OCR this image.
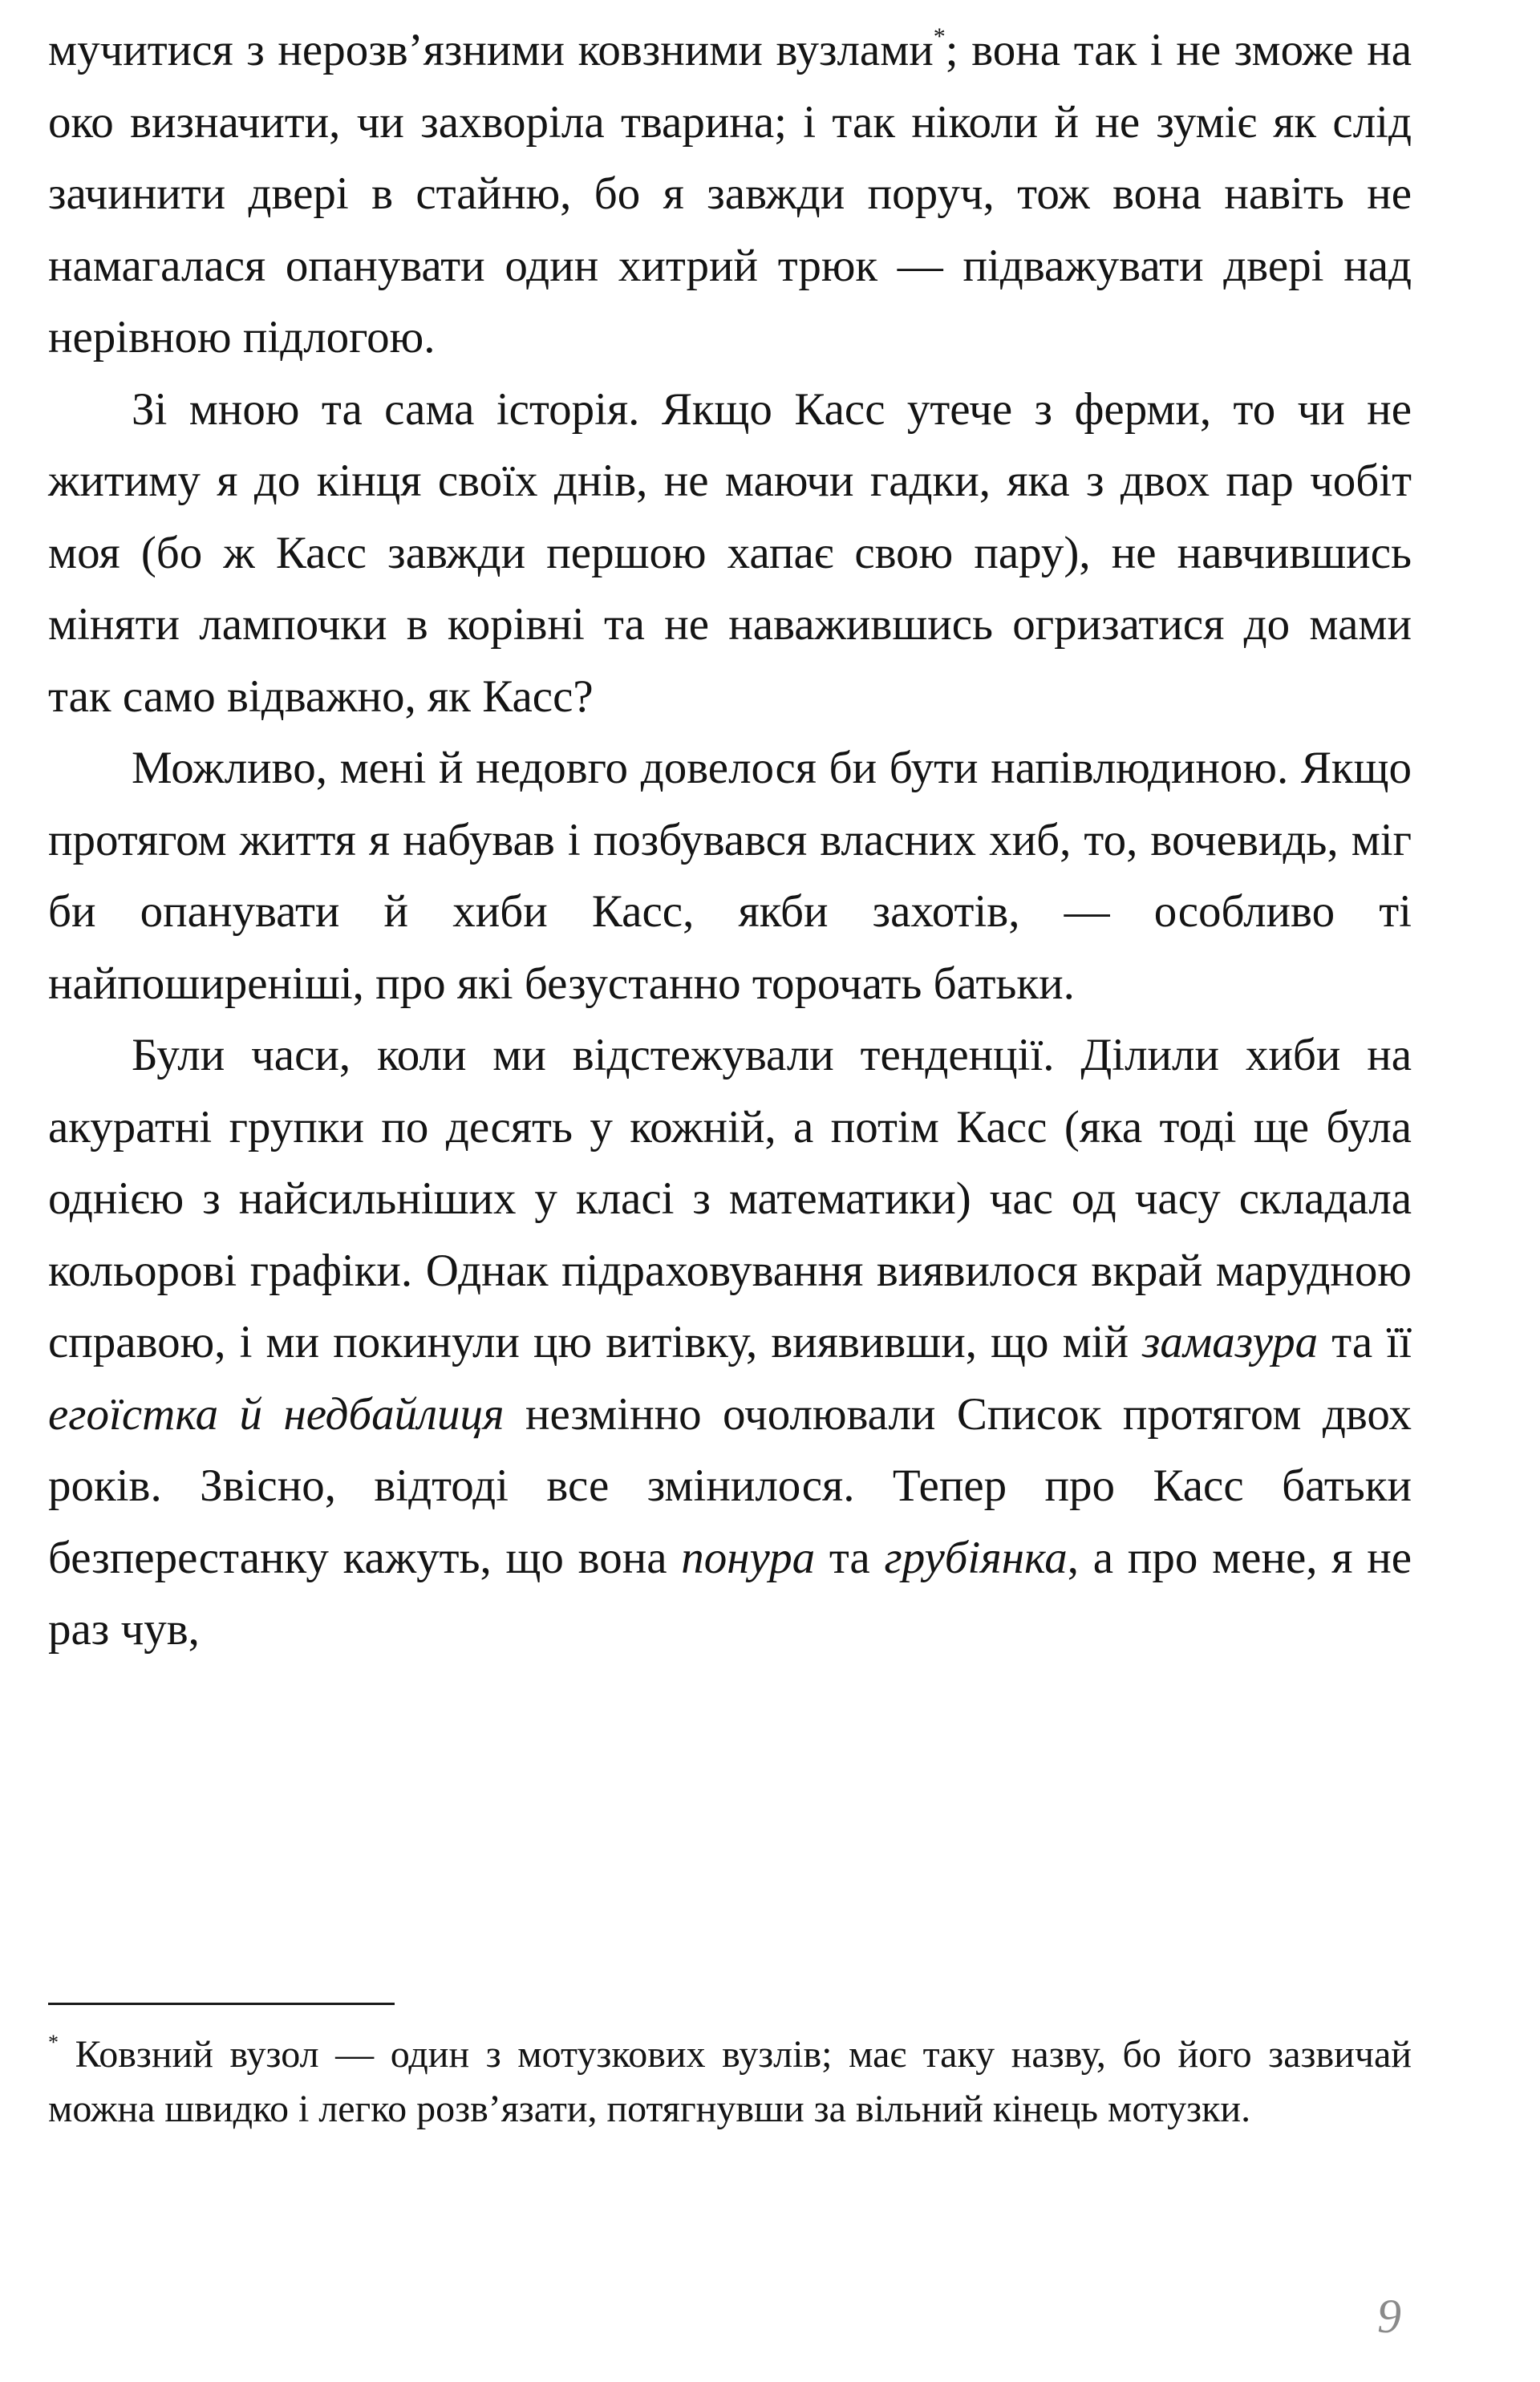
мучитися з нерозв’язними ковзними вузлами*; вона так і не зможе на око визначити, чи захворіла тварина; і так ніколи й не зуміє як слід зачинити двері в стайню, бо я завжди поруч, тож вона навіть не намагалася опанувати один хитрий трюк — підважувати двері над нерівною підлогою.

Зі мною та сама історія. Якщо Касс утече з ферми, то чи не житиму я до кінця своїх днів, не маючи гадки, яка з двох пар чобіт моя (бо ж Касс завжди першою хапає свою пару), не навчившись міняти лампочки в корівні та не наважившись огризатися до мами так само відважно, як Касс?

Можливо, мені й недовго довелося би бути напівлюдиною. Якщо протягом життя я набував і позбувався власних хиб, то, вочевидь, міг би опанувати й хиби Касс, якби захотів, — особливо ті найпоширеніші, про які безустанно торочать батьки.

Були часи, коли ми відстежували тенденції. Ділили хиби на акуратні групки по десять у кожній, а потім Касс (яка тоді ще була однією з найсильніших у класі з математики) час од часу складала кольорові графіки. Однак підраховування виявилося вкрай марудною справою, і ми покинули цю витівку, виявивши, що мій замазура та її егоїстка й недбайлиця незмінно очолювали Список протягом двох років. Звісно, відтоді все змінилося. Тепер про Касс батьки безперестанку кажуть, що вона понура та грубіянка, а про мене, я не раз чув,

* Ковзний вузол — один з мотузкових вузлів; має таку назву, бо його зазвичай можна швидко і легко розв’язати, потягнувши за вільний кінець мотузки.

9
